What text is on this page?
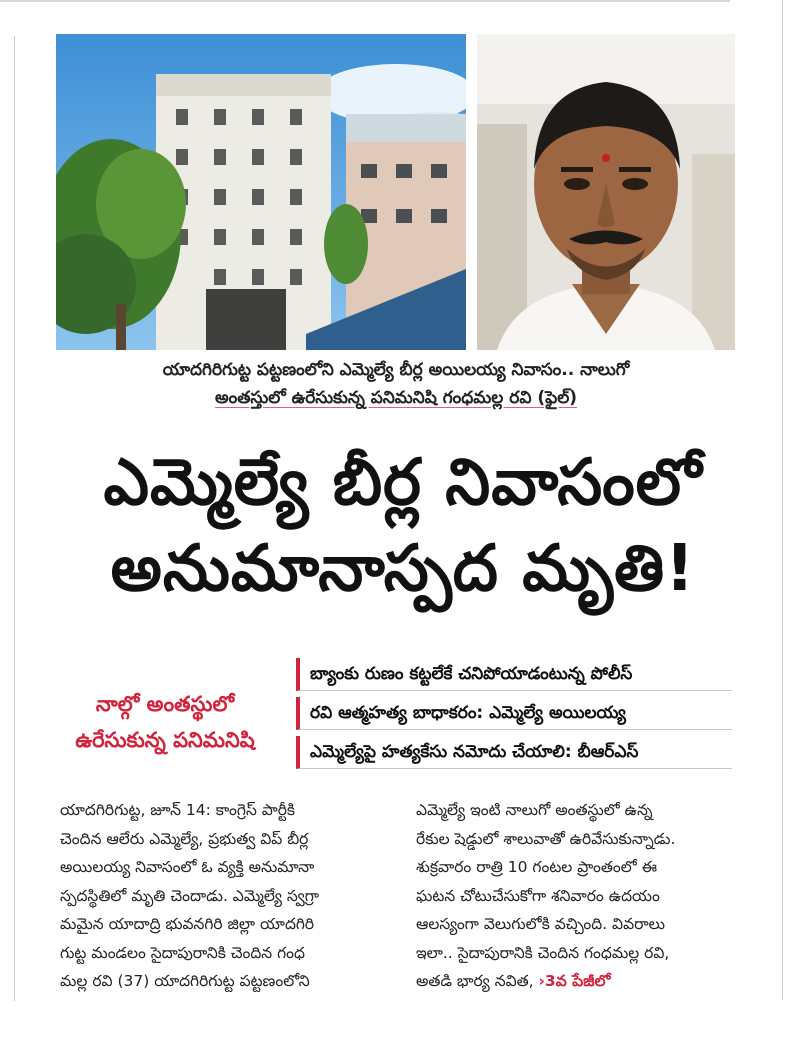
యాదగిరిగుట్ట పట్టణంలోని ఎమ్మెల్యే బీర్ల అయిలయ్య నివాసం.. నాలుగో
అంతస్తులో ఉరేసుకున్న పనిమనిషి గంధమల్ల రవి (ఫైల్)
ఎమ్మెల్యే బీర్ల నివాసంలో
అనుమానాస్పద మృతి!
నాల్గో అంతస్థులో
ఉరేసుకున్న పనిమనిషి
బ్యాంకు రుణం కట్టలేకే చనిపోయాడంటున్న పోలీస్
రవి ఆత్మహత్య బాధాకరం: ఎమ్మెల్యే అయిలయ్య
ఎమ్మెల్యేపై హత్యకేసు నమోదు చేయాలి: బీఆర్ఎస్
యాదగిరిగుట్ట, జూన్ 14: కాంగ్రెస్ పార్టీకి
చెందిన ఆలేరు ఎమ్మెల్యే, ప్రభుత్వ విప్ బీర్ల
అయిలయ్య నివాసంలో ఓ వ్యక్తి అనుమానా
స్పదస్థితిలో మృతి చెందాడు. ఎమ్మెల్యే స్వగ్రా
మమైన యాదాద్రి భువనగిరి జిల్లా యాదగిరి
గుట్ట మండలం సైదాపురానికి చెందిన గంధ
మల్ల రవి (37) యాదగిరిగుట్ట పట్టణంలోని
ఎమ్మెల్యే ఇంటి నాలుగో అంతస్థులో ఉన్న
రేకుల షెడ్డులో శాలువాతో ఉరివేసుకున్నాడు.
శుక్రవారం రాత్రి 10 గంటల ప్రాంతంలో ఈ
ఘటన చోటుచేసుకోగా శనివారం ఉదయం
ఆలస్యంగా వెలుగులోకి వచ్చింది. వివరాలు
ఇలా.. సైదాపురానికి చెందిన గంధమల్ల రవి,
అతడి భార్య నవిత, ›3వ పేజీలో
